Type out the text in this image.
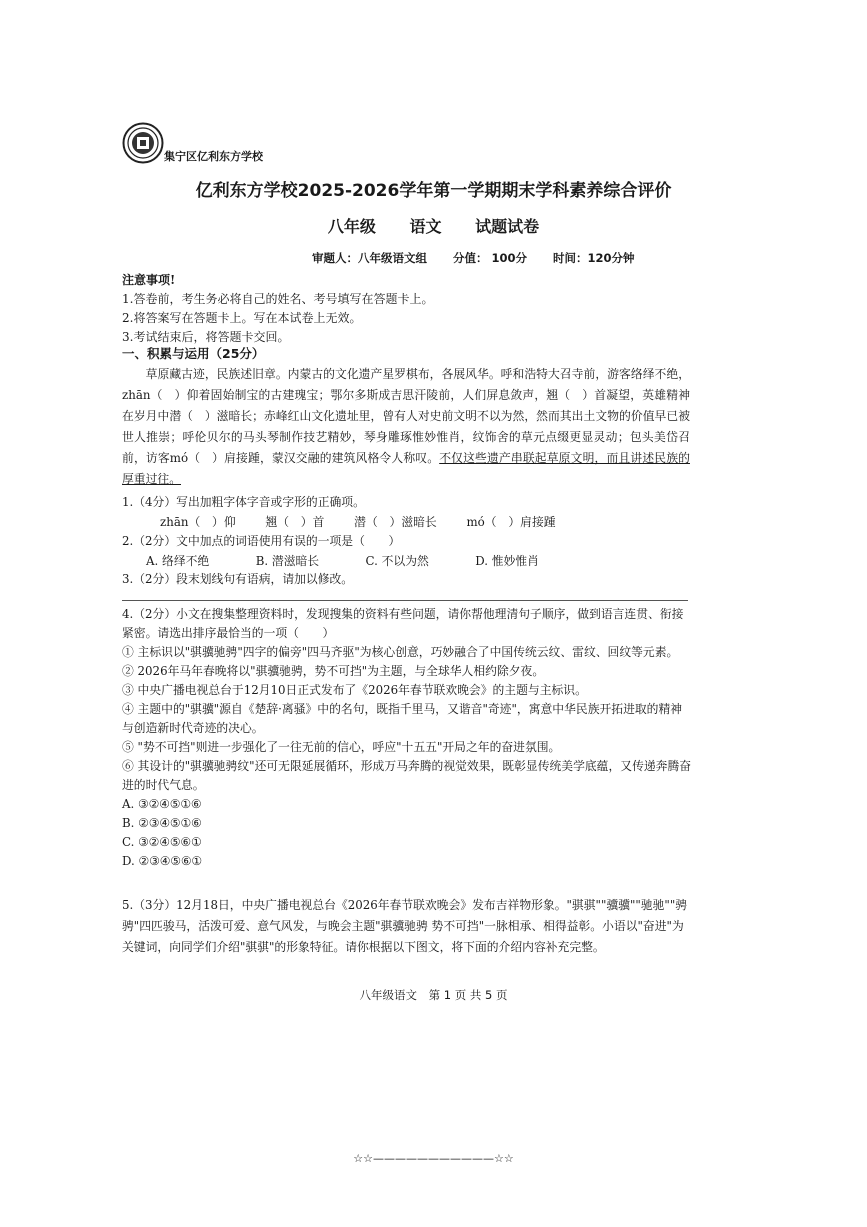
集宁区亿利东方学校
亿利东方学校2025-2026学年第一学期期末学科素养综合评价
八年级 语文 试题试卷
审题人：八年级语文组 分值： 100分 时间：120分钟
注意事项!
1.答卷前，考生务必将自己的姓名、考号填写在答题卡上。
2.将答案写在答题卡上。写在本试卷上无效。
3.考试结束后，将答题卡交回。
一、积累与运用（25分）
　　草原藏古迹，民族述旧章。内蒙古的文化遗产星罗棋布，各展风华。呼和浩特大召寺前，游客络绎不绝，zhān（　）仰着固始制宝的古建瑰宝；鄂尔多斯成吉思汗陵前，人们屏息敛声，翘（　）首凝望，英雄精神在岁月中潜（　）滋暗长；赤峰红山文化遗址里，曾有人对史前文明不以为然，然而其出土文物的价值早已被世人推崇；呼伦贝尔的马头琴制作技艺精妙，琴身雕琢惟妙惟肖，纹饰舍的草元点缀更显灵动；包头美岱召前，访客mó（　）肩接踵，蒙汉交融的建筑风格令人称叹。不仅这些遗产串联起草原文明，而且讲述民族的厚重过往。
1.（4分）写出加粗字体字音或字形的正确项。
zhān（　）仰	翘（　）首	潜（　）滋暗长	mó（　）肩接踵
2.（2分）文中加点的词语使用有误的一项是（　　）
A. 络绎不绝	B. 潜滋暗长	C. 不以为然	D. 惟妙惟肖
3.（2分）段末划线句有语病，请加以修改。

4.（2分）小文在搜集整理资料时，发现搜集的资料有些问题，请你帮他理清句子顺序，做到语言连贯、衔接紧密。请选出排序最恰当的一项（　　）

① 主标识以"骐骥驰骋"四字的偏旁"四马齐驱"为核心创意，巧妙融合了中国传统云纹、雷纹、回纹等元素。

② 2026年马年春晚将以"骐骥驰骋，势不可挡"为主题，与全球华人相约除夕夜。

③ 中央广播电视总台于12月10日正式发布了《2026年春节联欢晚会》的主题与主标识。

④ 主题中的"骐骥"源自《楚辞·离骚》中的名句，既指千里马，又谐音"奇迹"，寓意中华民族开拓进取的精神与创造新时代奇迹的决心。

⑤ "势不可挡"则进一步强化了一往无前的信心，呼应"十五五"开局之年的奋进氛围。

⑥ 其设计的"骐骥驰骋纹"还可无限延展循环，形成万马奔腾的视觉效果，既彰显传统美学底蕴，又传递奔腾奋进的时代气息。

A. ③②④⑤①⑥

B. ②③④⑤①⑥

C. ③②④⑤⑥①

D. ②③④⑤⑥①

5.（3分）12月18日，中央广播电视总台《2026年春节联欢晚会》发布吉祥物形象。"骐骐""骥骥""驰驰""骋骋"四匹骏马，活泼可爱、意气风发，与晚会主题"骐骥驰骋 势不可挡"一脉相承、相得益彰。小语以"奋进"为关键词，向同学们介绍"骐骐"的形象特征。请你根据以下图文，将下面的介绍内容补充完整。
八年级语文 第 1 页 共 5 页
☆☆———————————☆☆
